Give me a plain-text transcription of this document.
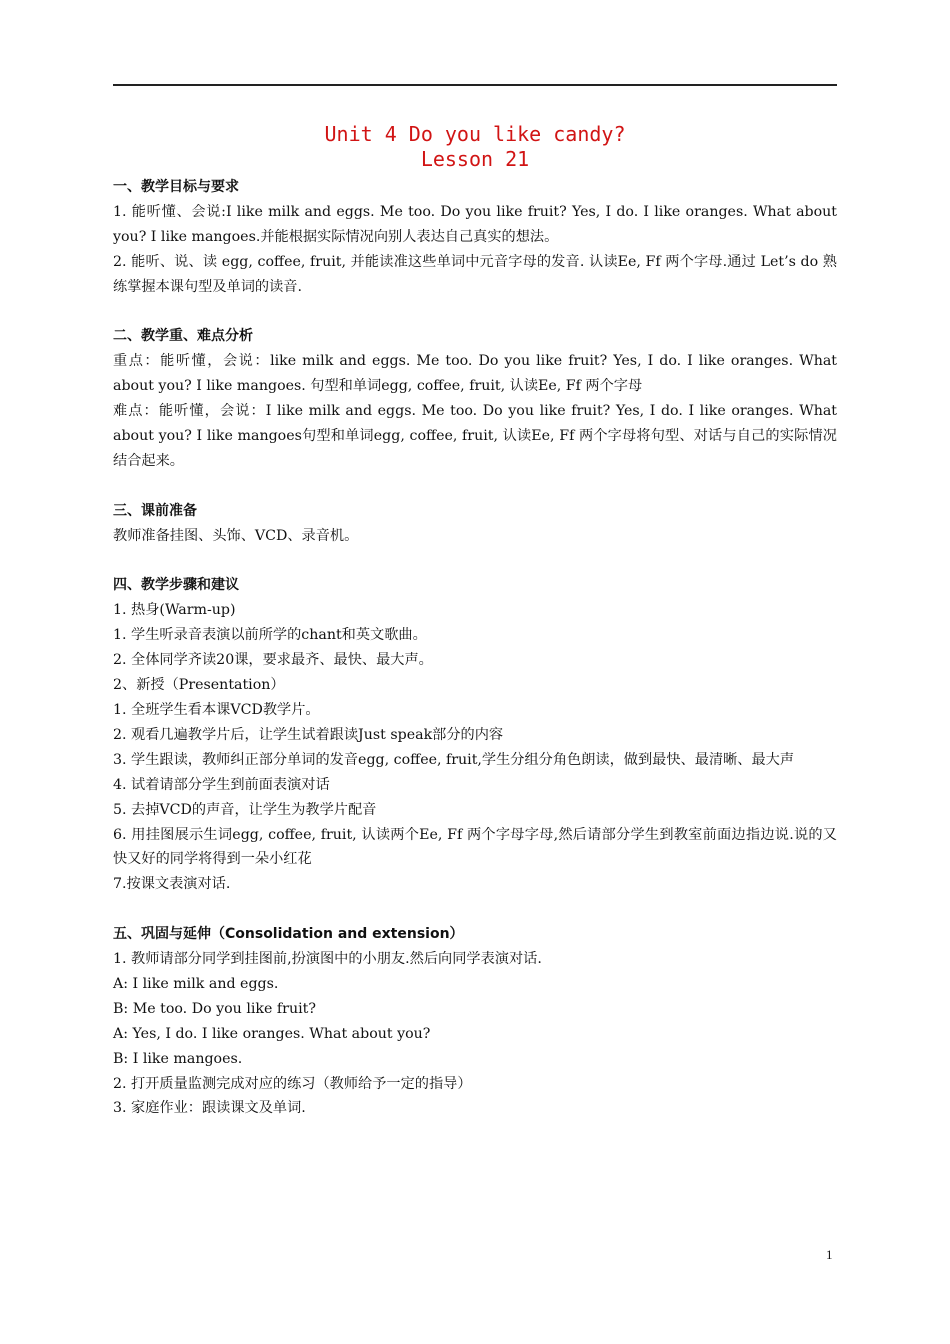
Unit 4 Do you like candy?
Lesson 21

一、教学目标与要求

1. 能听懂、会说:I like milk and eggs. Me too. Do you like fruit? Yes, I do. I like oranges. What about you? I like mangoes.并能根据实际情况向别人表达自己真实的想法。

2. 能听、说、读 egg, coffee, fruit, 并能读准这些单词中元音字母的发音. 认读Ee, Ff 两个字母.通过 Let’s do 熟练掌握本课句型及单词的读音.

二、教学重、难点分析

重点：能听懂，会说：like milk and eggs. Me too. Do you like fruit? Yes, I do. I like oranges. What about you? I like mangoes. 句型和单词egg, coffee, fruit, 认读Ee, Ff 两个字母

难点：能听懂，会说：I like milk and eggs. Me too. Do you like fruit? Yes, I do. I like oranges. What about you? I like mangoes句型和单词egg, coffee, fruit, 认读Ee, Ff 两个字母将句型、对话与自己的实际情况结合起来。

三、课前准备

教师准备挂图、头饰、VCD、录音机。

四、教学步骤和建议

1. 热身(Warm-up)

1. 学生听录音表演以前所学的chant和英文歌曲。

2. 全体同学齐读20课，要求最齐、最快、最大声。

2、新授（Presentation）

1. 全班学生看本课VCD教学片。

2. 观看几遍教学片后，让学生试着跟读Just speak部分的内容

3. 学生跟读，教师纠正部分单词的发音egg, coffee, fruit,学生分组分角色朗读，做到最快、最清晰、最大声

4. 试着请部分学生到前面表演对话

5. 去掉VCD的声音，让学生为教学片配音

6. 用挂图展示生词egg, coffee, fruit, 认读两个Ee, Ff 两个字母字母,然后请部分学生到教室前面边指边说.说的又快又好的同学将得到一朵小红花

7.按课文表演对话.

五、巩固与延伸（Consolidation and extension）

1. 教师请部分同学到挂图前,扮演图中的小朋友.然后向同学表演对话.

A: I like milk and eggs.

B: Me too. Do you like fruit?

A: Yes, I do. I like oranges. What about you?

B: I like mangoes.

2. 打开质量监测完成对应的练习（教师给予一定的指导）

3. 家庭作业：跟读课文及单词.

1
